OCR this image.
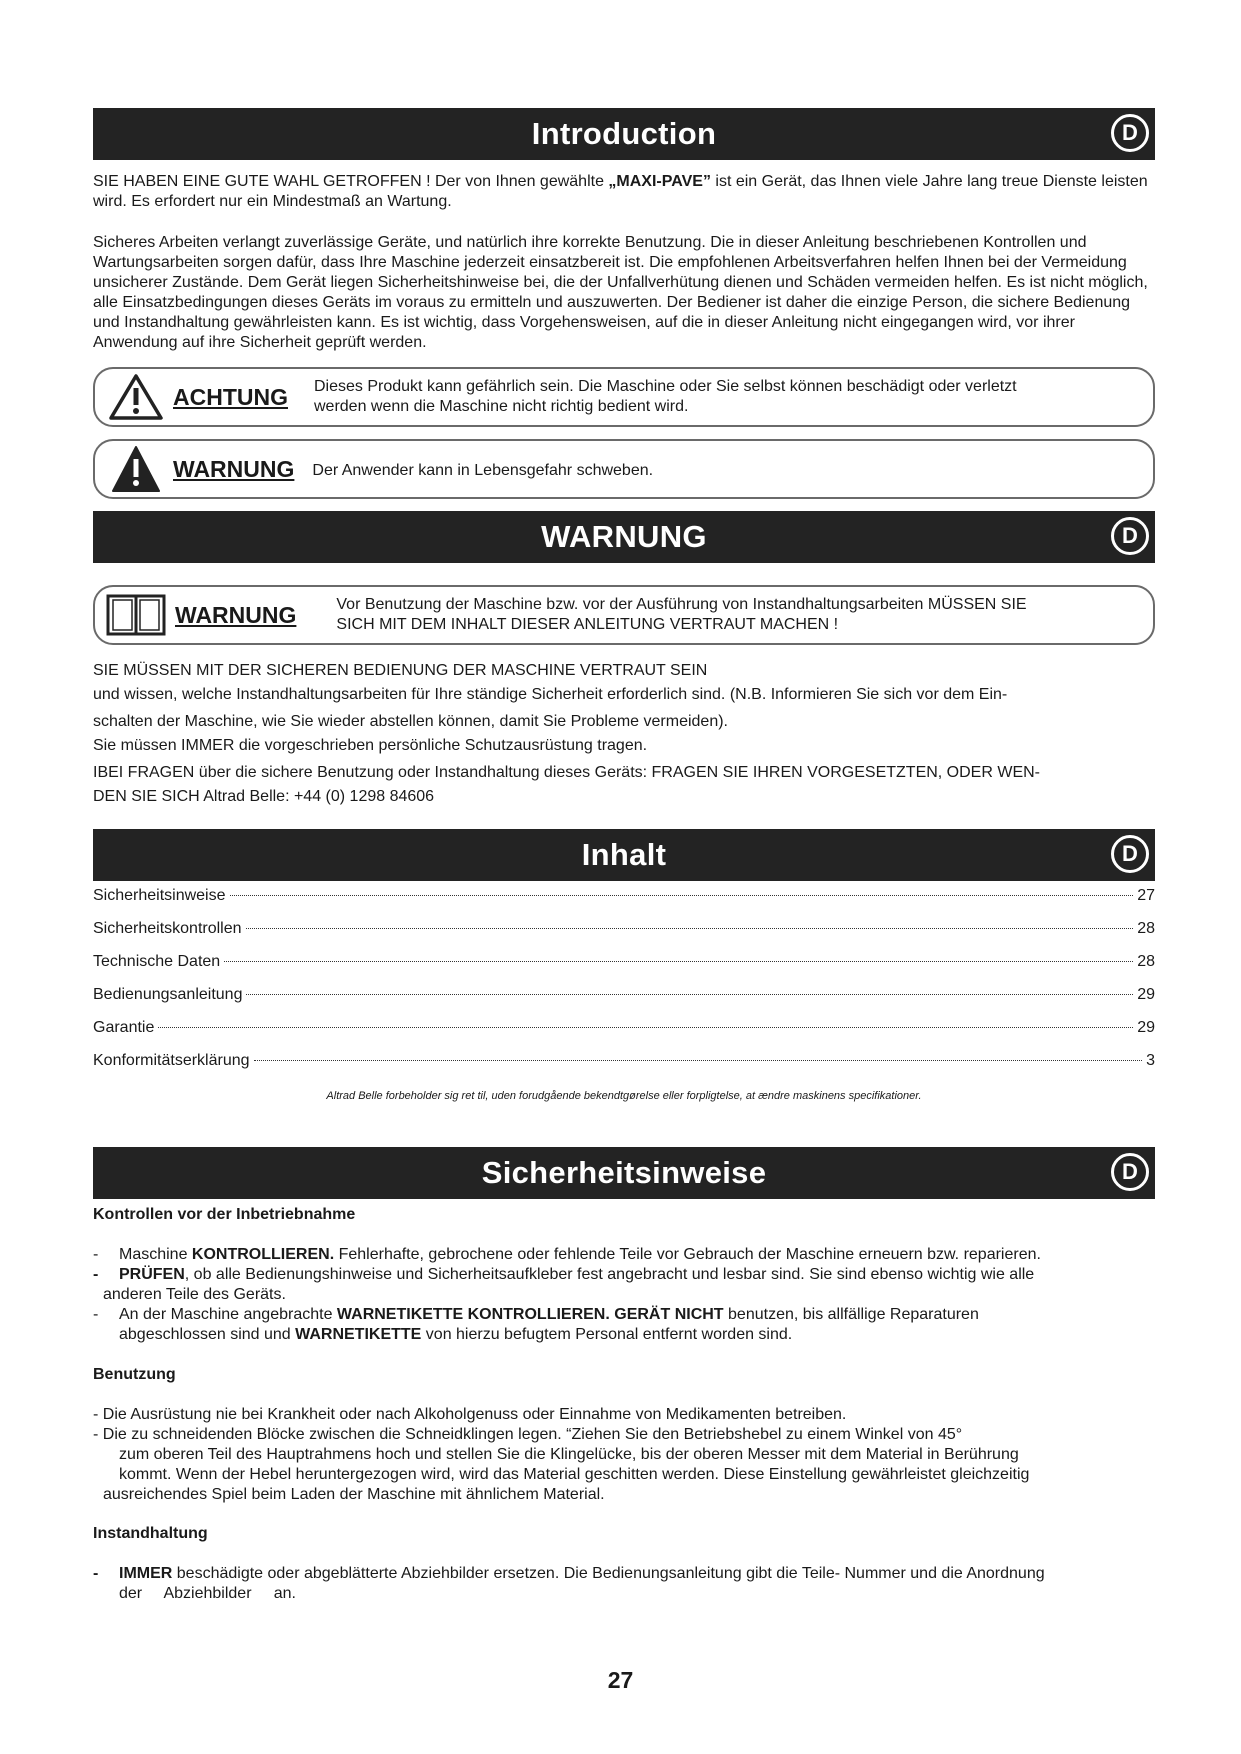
Introduction	D

SIE HABEN EINE GUTE WAHL GETROFFEN ! Der von Ihnen gewählte „MAXI-PAVE” ist ein Gerät, das Ihnen viele Jahre lang treue Dienste leisten wird. Es erfordert nur ein Mindestmaß an Wartung.

Sicheres Arbeiten verlangt zuverlässige Geräte, und natürlich ihre korrekte Benutzung. Die in dieser Anleitung beschriebenen Kontrollen und Wartungsarbeiten sorgen dafür, dass Ihre Maschine jederzeit einsatzbereit ist. Die empfohlenen Arbeitsverfahren helfen Ihnen bei der Vermeidung unsicherer Zustände. Dem Gerät liegen Sicherheitshinweise bei, die der Unfallverhütung dienen und Schäden vermeiden helfen. Es ist nicht möglich, alle Einsatzbedingungen dieses Geräts im voraus zu ermitteln und auszuwerten. Der Bediener ist daher die einzige Person, die sichere Bedienung und Instandhaltung gewährleisten kann. Es ist wichtig, dass Vorgehensweisen, auf die in dieser Anleitung nicht eingegangen wird, vor ihrer Anwendung auf ihre Sicherheit geprüft werden.

ACHTUNG Dieses Produkt kann gefährlich sein. Die Maschine oder Sie selbst können beschädigt oder verletzt
werden wenn die Maschine nicht richtig bedient wird.
WARNUNG Der Anwender kann in Lebensgefahr schweben.
WARNUNG	D
WARNUNG	Vor Benutzung der Maschine bzw. vor der Ausführung von Instandhaltungsarbeiten MÜSSEN SIE
SICH MIT DEM INHALT DIESER ANLEITUNG VERTRAUT MACHEN !
SIE MÜSSEN MIT DER SICHEREN BEDIENUNG DER MASCHINE VERTRAUT SEIN
und wissen, welche Instandhaltungsarbeiten für Ihre ständige Sicherheit erforderlich sind. (N.B. Informieren Sie sich vor dem Ein-
schalten der Maschine, wie Sie wieder abstellen können, damit Sie Probleme vermeiden).
Sie müssen IMMER die vorgeschrieben persönliche Schutzausrüstung tragen.
IBEI FRAGEN über die sichere Benutzung oder Instandhaltung dieses Geräts: FRAGEN SIE IHREN VORGESETZTEN, ODER WEN-
DEN SIE SICH Altrad Belle: +44 (0) 1298 84606
Inhalt	D
Sicherheitsinweise	27
Sicherheitskontrollen	28
Technische Daten	28
Bedienungsanleitung	29
Garantie	29
Konformitätserklärung	3
Altrad Belle forbeholder sig ret til, uden forudgående bekendtgørelse eller forpligtelse, at ændre maskinens specifikationer.
Sicherheitsinweise	D
Kontrollen vor der Inbetriebnahme
-	Maschine KONTROLLIEREN. Fehlerhafte, gebrochene oder fehlende Teile vor Gebrauch der Maschine erneuern bzw. reparieren.
-	PRÜFEN, ob alle Bedienungshinweise und Sicherheitsaufkleber fest angebracht und lesbar sind. Sie sind ebenso wichtig wie alle
anderen Teile des Geräts.
-	An der Maschine angebrachte WARNETIKETTE KONTROLLIEREN. GERÄT NICHT benutzen, bis allfällige Reparaturen
abgeschlossen sind und WARNETIKETTE von hierzu befugtem Personal entfernt worden sind.
Benutzung
- Die Ausrüstung nie bei Krankheit oder nach Alkoholgenuss oder Einnahme von Medikamenten betreiben.
- Die zu schneidenden Blöcke zwischen die Schneidklingen legen. “Ziehen Sie den Betriebshebel zu einem Winkel von 45°
zum oberen Teil des Hauptrahmens hoch und stellen Sie die Klingelücke, bis der oberen Messer mit dem Material in Berührung
kommt. Wenn der Hebel heruntergezogen wird, wird das Material geschitten werden. Diese Einstellung gewährleistet gleichzeitig
ausreichendes Spiel beim Laden der Maschine mit ähnlichem Material.
Instandhaltung
-	IMMER beschädigte oder abgeblätterte Abziehbilder ersetzen. Die Bedienungsanleitung gibt die Teile- Nummer und die Anordnung
der     Abziehbilder     an.
27
